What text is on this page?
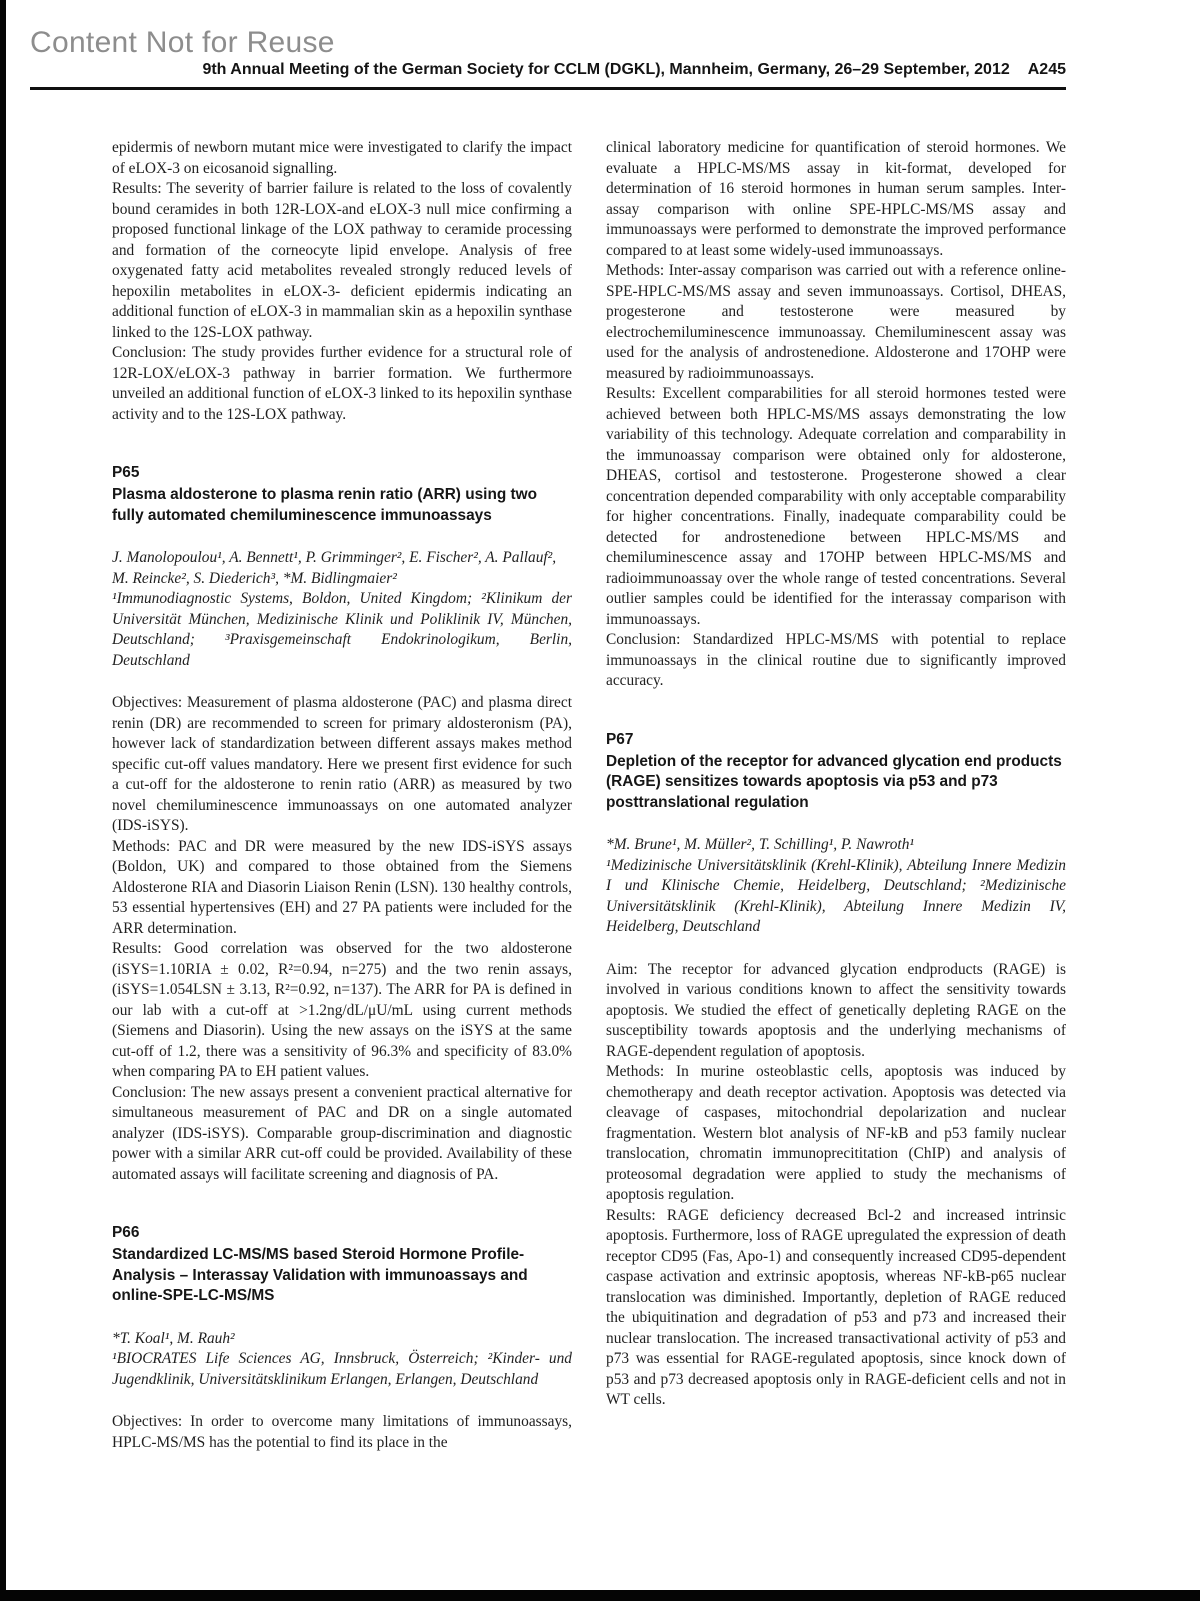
Content Not for Reuse
9th Annual Meeting of the German Society for CCLM (DGKL), Mannheim, Germany, 26–29 September, 2012 A245
epidermis of newborn mutant mice were investigated to clarify the impact of eLOX-3 on eicosanoid signalling.
Results: The severity of barrier failure is related to the loss of covalently bound ceramides in both 12R-LOX-and eLOX-3 null mice confirming a proposed functional linkage of the LOX pathway to ceramide processing and formation of the corneocyte lipid envelope. Analysis of free oxygenated fatty acid metabolites revealed strongly reduced levels of hepoxilin metabolites in eLOX-3- deficient epidermis indicating an additional function of eLOX-3 in mammalian skin as a hepoxilin synthase linked to the 12S-LOX pathway.
Conclusion: The study provides further evidence for a structural role of 12R-LOX/eLOX-3 pathway in barrier formation. We furthermore unveiled an additional function of eLOX-3 linked to its hepoxilin synthase activity and to the 12S-LOX pathway.
P65
Plasma aldosterone to plasma renin ratio (ARR) using two fully automated chemiluminescence immunoassays
J. Manolopoulou¹, A. Bennett¹, P. Grimminger², E. Fischer², A. Pallauf², M. Reincke², S. Diederich³, *M. Bidlingmaier²
¹Immunodiagnostic Systems, Boldon, United Kingdom; ²Klinikum der Universität München, Medizinische Klinik und Poliklinik IV, München, Deutschland; ³Praxisgemeinschaft Endokrinologikum, Berlin, Deutschland
Objectives: Measurement of plasma aldosterone (PAC) and plasma direct renin (DR) are recommended to screen for primary aldosteronism (PA), however lack of standardization between different assays makes method specific cut-off values mandatory. Here we present first evidence for such a cut-off for the aldosterone to renin ratio (ARR) as measured by two novel chemiluminescence immunoassays on one automated analyzer (IDS-iSYS).
Methods: PAC and DR were measured by the new IDS-iSYS assays (Boldon, UK) and compared to those obtained from the Siemens Aldosterone RIA and Diasorin Liaison Renin (LSN). 130 healthy controls, 53 essential hypertensives (EH) and 27 PA patients were included for the ARR determination.
Results: Good correlation was observed for the two aldosterone (iSYS=1.10RIA ± 0.02, R²=0.94, n=275) and the two renin assays, (iSYS=1.054LSN ± 3.13, R²=0.92, n=137). The ARR for PA is defined in our lab with a cut-off at >1.2ng/dL/μU/mL using current methods (Siemens and Diasorin). Using the new assays on the iSYS at the same cut-off of 1.2, there was a sensitivity of 96.3% and specificity of 83.0% when comparing PA to EH patient values.
Conclusion: The new assays present a convenient practical alternative for simultaneous measurement of PAC and DR on a single automated analyzer (IDS-iSYS). Comparable group-discrimination and diagnostic power with a similar ARR cut-off could be provided. Availability of these automated assays will facilitate screening and diagnosis of PA.
P66
Standardized LC-MS/MS based Steroid Hormone Profile-Analysis – Interassay Validation with immunoassays and online-SPE-LC-MS/MS
*T. Koal¹, M. Rauh²
¹BIOCRATES Life Sciences AG, Innsbruck, Österreich; ²Kinder- und Jugendklinik, Universitätsklinikum Erlangen, Erlangen, Deutschland
Objectives: In order to overcome many limitations of immunoassays, HPLC-MS/MS has the potential to find its place in the
clinical laboratory medicine for quantification of steroid hormones. We evaluate a HPLC-MS/MS assay in kit-format, developed for determination of 16 steroid hormones in human serum samples. Inter-assay comparison with online SPE-HPLC-MS/MS assay and immunoassays were performed to demonstrate the improved performance compared to at least some widely-used immunoassays.
Methods: Inter-assay comparison was carried out with a reference online-SPE-HPLC-MS/MS assay and seven immunoassays. Cortisol, DHEAS, progesterone and testosterone were measured by electrochemiluminescence immunoassay. Chemiluminescent assay was used for the analysis of androstenedione. Aldosterone and 17OHP were measured by radioimmunoassays.
Results: Excellent comparabilities for all steroid hormones tested were achieved between both HPLC-MS/MS assays demonstrating the low variability of this technology. Adequate correlation and comparability in the immunoassay comparison were obtained only for aldosterone, DHEAS, cortisol and testosterone. Progesterone showed a clear concentration depended comparability with only acceptable comparability for higher concentrations. Finally, inadequate comparability could be detected for androstenedione between HPLC-MS/MS and chemiluminescence assay and 17OHP between HPLC-MS/MS and radioimmunoassay over the whole range of tested concentrations. Several outlier samples could be identified for the interassay comparison with immunoassays.
Conclusion: Standardized HPLC-MS/MS with potential to replace immunoassays in the clinical routine due to significantly improved accuracy.
P67
Depletion of the receptor for advanced glycation end products (RAGE) sensitizes towards apoptosis via p53 and p73 posttranslational regulation
*M. Brune¹, M. Müller², T. Schilling¹, P. Nawroth¹
¹Medizinische Universitätsklinik (Krehl-Klinik), Abteilung Innere Medizin I und Klinische Chemie, Heidelberg, Deutschland; ²Medizinische Universitätsklinik (Krehl-Klinik), Abteilung Innere Medizin IV, Heidelberg, Deutschland
Aim: The receptor for advanced glycation endproducts (RAGE) is involved in various conditions known to affect the sensitivity towards apoptosis. We studied the effect of genetically depleting RAGE on the susceptibility towards apoptosis and the underlying mechanisms of RAGE-dependent regulation of apoptosis.
Methods: In murine osteoblastic cells, apoptosis was induced by chemotherapy and death receptor activation. Apoptosis was detected via cleavage of caspases, mitochondrial depolarization and nuclear fragmentation. Western blot analysis of NF-kB and p53 family nuclear translocation, chromatin immunoprecititation (ChIP) and analysis of proteosomal degradation were applied to study the mechanisms of apoptosis regulation.
Results: RAGE deficiency decreased Bcl-2 and increased intrinsic apoptosis. Furthermore, loss of RAGE upregulated the expression of death receptor CD95 (Fas, Apo-1) and consequently increased CD95-dependent caspase activation and extrinsic apoptosis, whereas NF-kB-p65 nuclear translocation was diminished. Importantly, depletion of RAGE reduced the ubiquitination and degradation of p53 and p73 and increased their nuclear translocation. The increased transactivational activity of p53 and p73 was essential for RAGE-regulated apoptosis, since knock down of p53 and p73 decreased apoptosis only in RAGE-deficient cells and not in WT cells.
